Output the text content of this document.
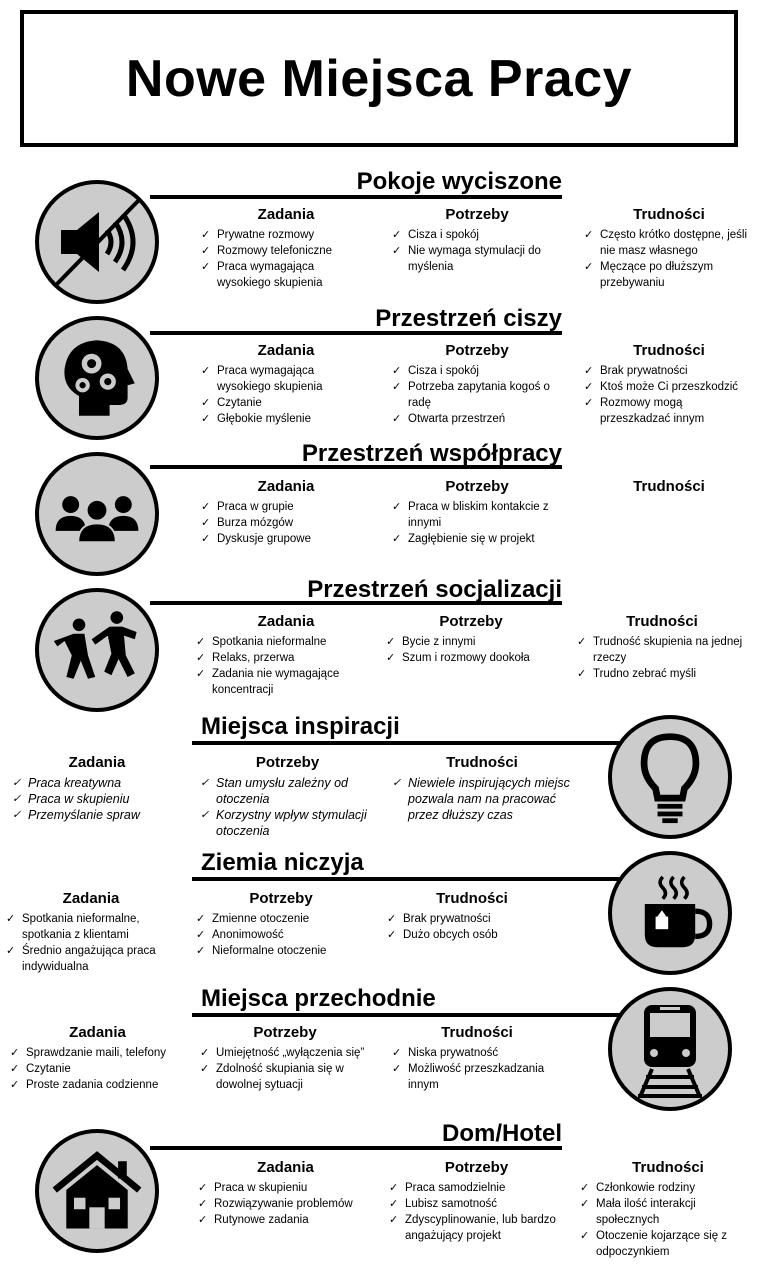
Nowe Miejsca Pracy
Pokoje wyciszone
Zadania
✓ Prywatne rozmowy
✓ Rozmowy telefoniczne
✓ Praca wymagająca wysokiego skupienia
Potrzeby
✓ Cisza i spokój
✓ Nie wymaga stymulacji do myślenia
Trudności
✓ Często krótko dostępne, jeśli nie masz własnego
✓ Męczące po dłuższym przebywaniu
Przestrzeń ciszy
Zadania
✓ Praca wymagająca wysokiego skupienia
✓ Czytanie
✓ Głębokie myślenie
Potrzeby
✓ Cisza i spokój
✓ Potrzeba zapytania kogoś o radę
✓ Otwarta przestrzeń
Trudności
✓ Brak prywatności
✓ Ktoś może Ci przeszkodzić
✓ Rozmowy mogą przeszkadzać innym
Przestrzeń współpracy
Zadania
✓ Praca w grupie
✓ Burza mózgów
✓ Dyskusje grupowe
Potrzeby
✓ Praca w bliskim kontakcie z innymi
✓ Zagłębienie się w projekt
Trudności
Przestrzeń socjalizacji
Zadania
✓ Spotkania nieformalne
✓ Relaks, przerwa
✓ Zadania nie wymagające koncentracji
Potrzeby
✓ Bycie z innymi
✓ Szum i rozmowy dookoła
Trudności
✓ Trudność skupienia na jednej rzeczy
✓ Trudno zebrać myśli
Miejsca inspiracji
Zadania
✓ Praca kreatywna
✓ Praca w skupieniu
✓ Przemyślanie spraw
Potrzeby
✓ Stan umysłu zależny od otoczenia
✓ Korzystny wpływ stymulacji otoczenia
Trudności
✓ Niewiele inspirujących miejsc pozwala nam na pracować przez dłuższy czas
Ziemia niczyja
Zadania
✓ Spotkania nieformalne, spotkania z klientami
✓ Średnio angażująca praca indywidualna
Potrzeby
✓ Zmienne otoczenie
✓ Anonimowość
✓ Nieformalne otoczenie
Trudności
✓ Brak prywatności
✓ Dużo obcych osób
Miejsca przechodnie
Zadania
✓ Sprawdzanie maili, telefony
✓ Czytanie
✓ Proste zadania codzienne
Potrzeby
✓ Umiejętność „wyłączenia się”
✓ Zdolność skupiania się w dowolnej sytuacji
Trudności
✓ Niska prywatność
✓ Możliwość przeszkadzania innym
Dom/Hotel
Zadania
✓ Praca w skupieniu
✓ Rozwiązywanie problemów
✓ Rutynowe zadania
Potrzeby
✓ Praca samodzielnie
✓ Lubisz samotność
✓ Zdyscyplinowanie, lub bardzo angażujący projekt
Trudności
✓ Członkowie rodziny
✓ Mała ilość interakcji społecznych
✓ Otoczenie kojarzące się z odpoczynkiem
